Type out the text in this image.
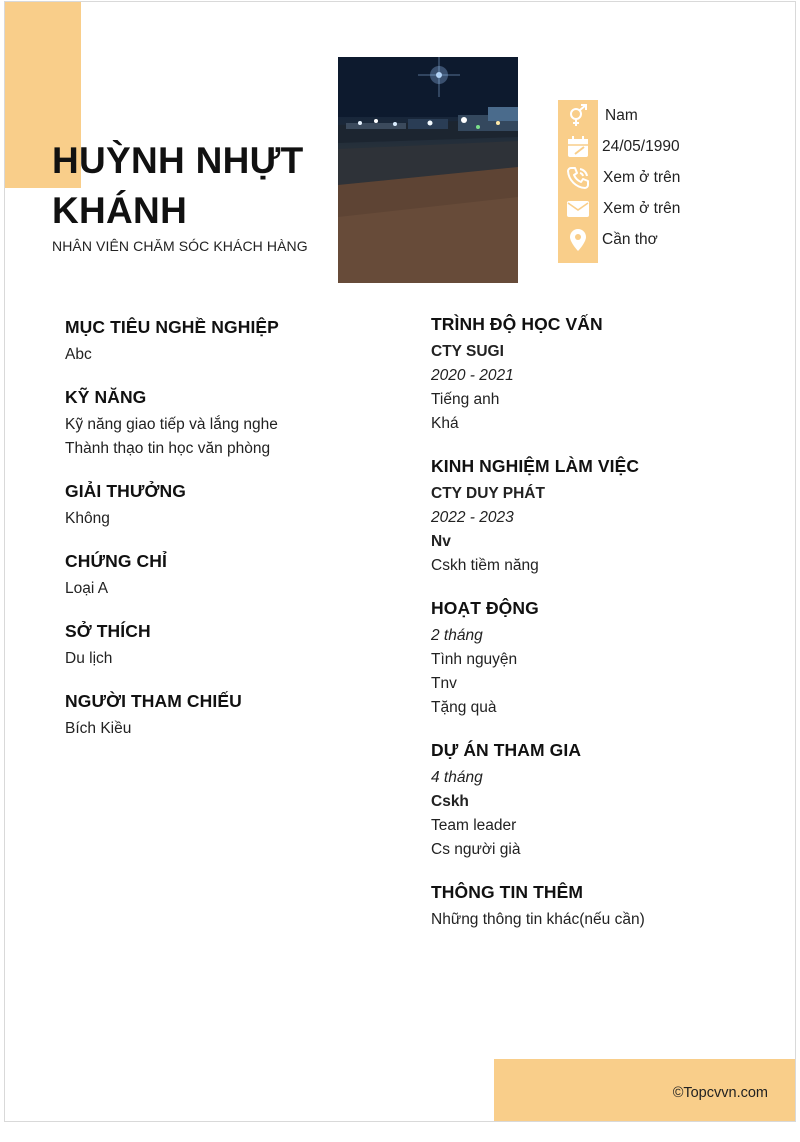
HUỲNH NHỰT
KHÁNH
NHÂN VIÊN CHĂM SÓC KHÁCH HÀNG
Nam
24/05/1990
Xem ở trên
Xem ở trên
Cần thơ
MỤC TIÊU NGHỀ NGHIỆP
Abc
KỸ NĂNG
Kỹ năng giao tiếp và lắng nghe
Thành thạo tin học văn phòng
GIẢI THƯỞNG
Không
CHỨNG CHỈ
Loại A
SỞ THÍCH
Du lịch
NGƯỜI THAM CHIẾU
Bích Kiều
TRÌNH ĐỘ HỌC VẤN
CTY SUGI
2020 - 2021
Tiếng anh
Khá
KINH NGHIỆM LÀM VIỆC
CTY DUY PHÁT
2022 - 2023
Nv
Cskh tiềm năng
HOẠT ĐỘNG
2 tháng
Tình nguyện
Tnv
Tặng quà
DỰ ÁN THAM GIA
4 tháng
Cskh
Team leader
Cs người già
THÔNG TIN THÊM
Những thông tin khác(nếu cần)
©Topcvvn.com
